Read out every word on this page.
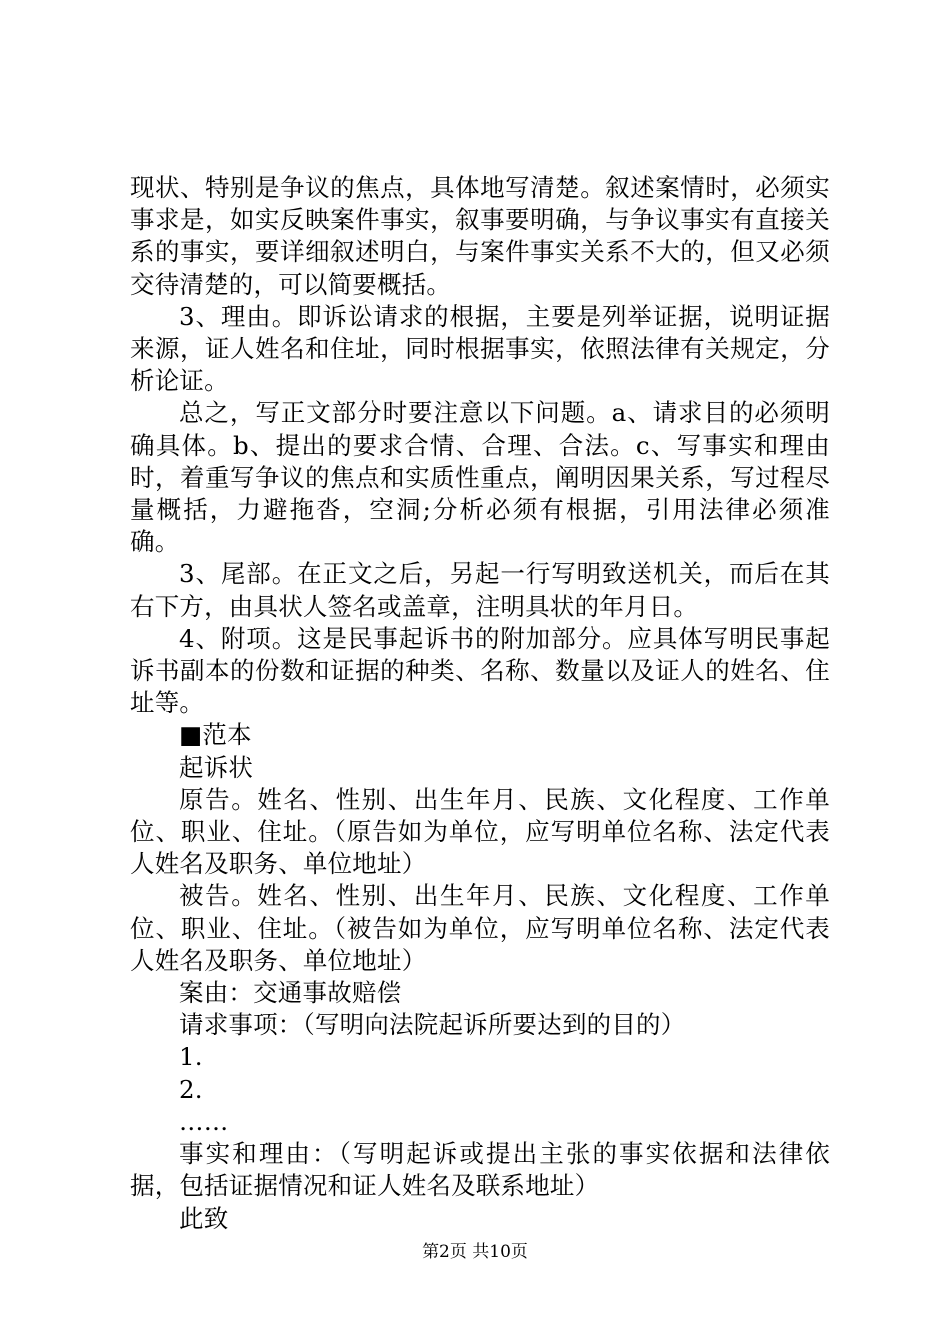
现状、特别是争议的焦点，具体地写清楚。叙述案情时，必须实事求是，如实反映案件事实，叙事要明确，与争议事实有直接关系的事实，要详细叙述明白，与案件事实关系不大的，但又必须交待清楚的，可以简要概括。

3、理由。即诉讼请求的根据，主要是列举证据，说明证据来源，证人姓名和住址，同时根据事实，依照法律有关规定，分析论证。

总之，写正文部分时要注意以下问题。a、请求目的必须明确具体。b、提出的要求合情、合理、合法。c、写事实和理由时，着重写争议的焦点和实质性重点，阐明因果关系，写过程尽量概括，力避拖沓，空洞;分析必须有根据，引用法律必须准确。

3、尾部。在正文之后，另起一行写明致送机关，而后在其右下方，由具状人签名或盖章，注明具状的年月日。

4、附项。这是民事起诉书的附加部分。应具体写明民事起诉书副本的份数和证据的种类、名称、数量以及证人的姓名、住址等。

■范本

起诉状

原告。姓名、性别、出生年月、民族、文化程度、工作单位、职业、住址。（原告如为单位，应写明单位名称、法定代表人姓名及职务、单位地址）

被告。姓名、性别、出生年月、民族、文化程度、工作单位、职业、住址。（被告如为单位，应写明单位名称、法定代表人姓名及职务、单位地址）

案由：交通事故赔偿

请求事项：（写明向法院起诉所要达到的目的）

1.

2.

……

事实和理由：（写明起诉或提出主张的事实依据和法律依据，包括证据情况和证人姓名及联系地址）

此致

第2页 共10页
